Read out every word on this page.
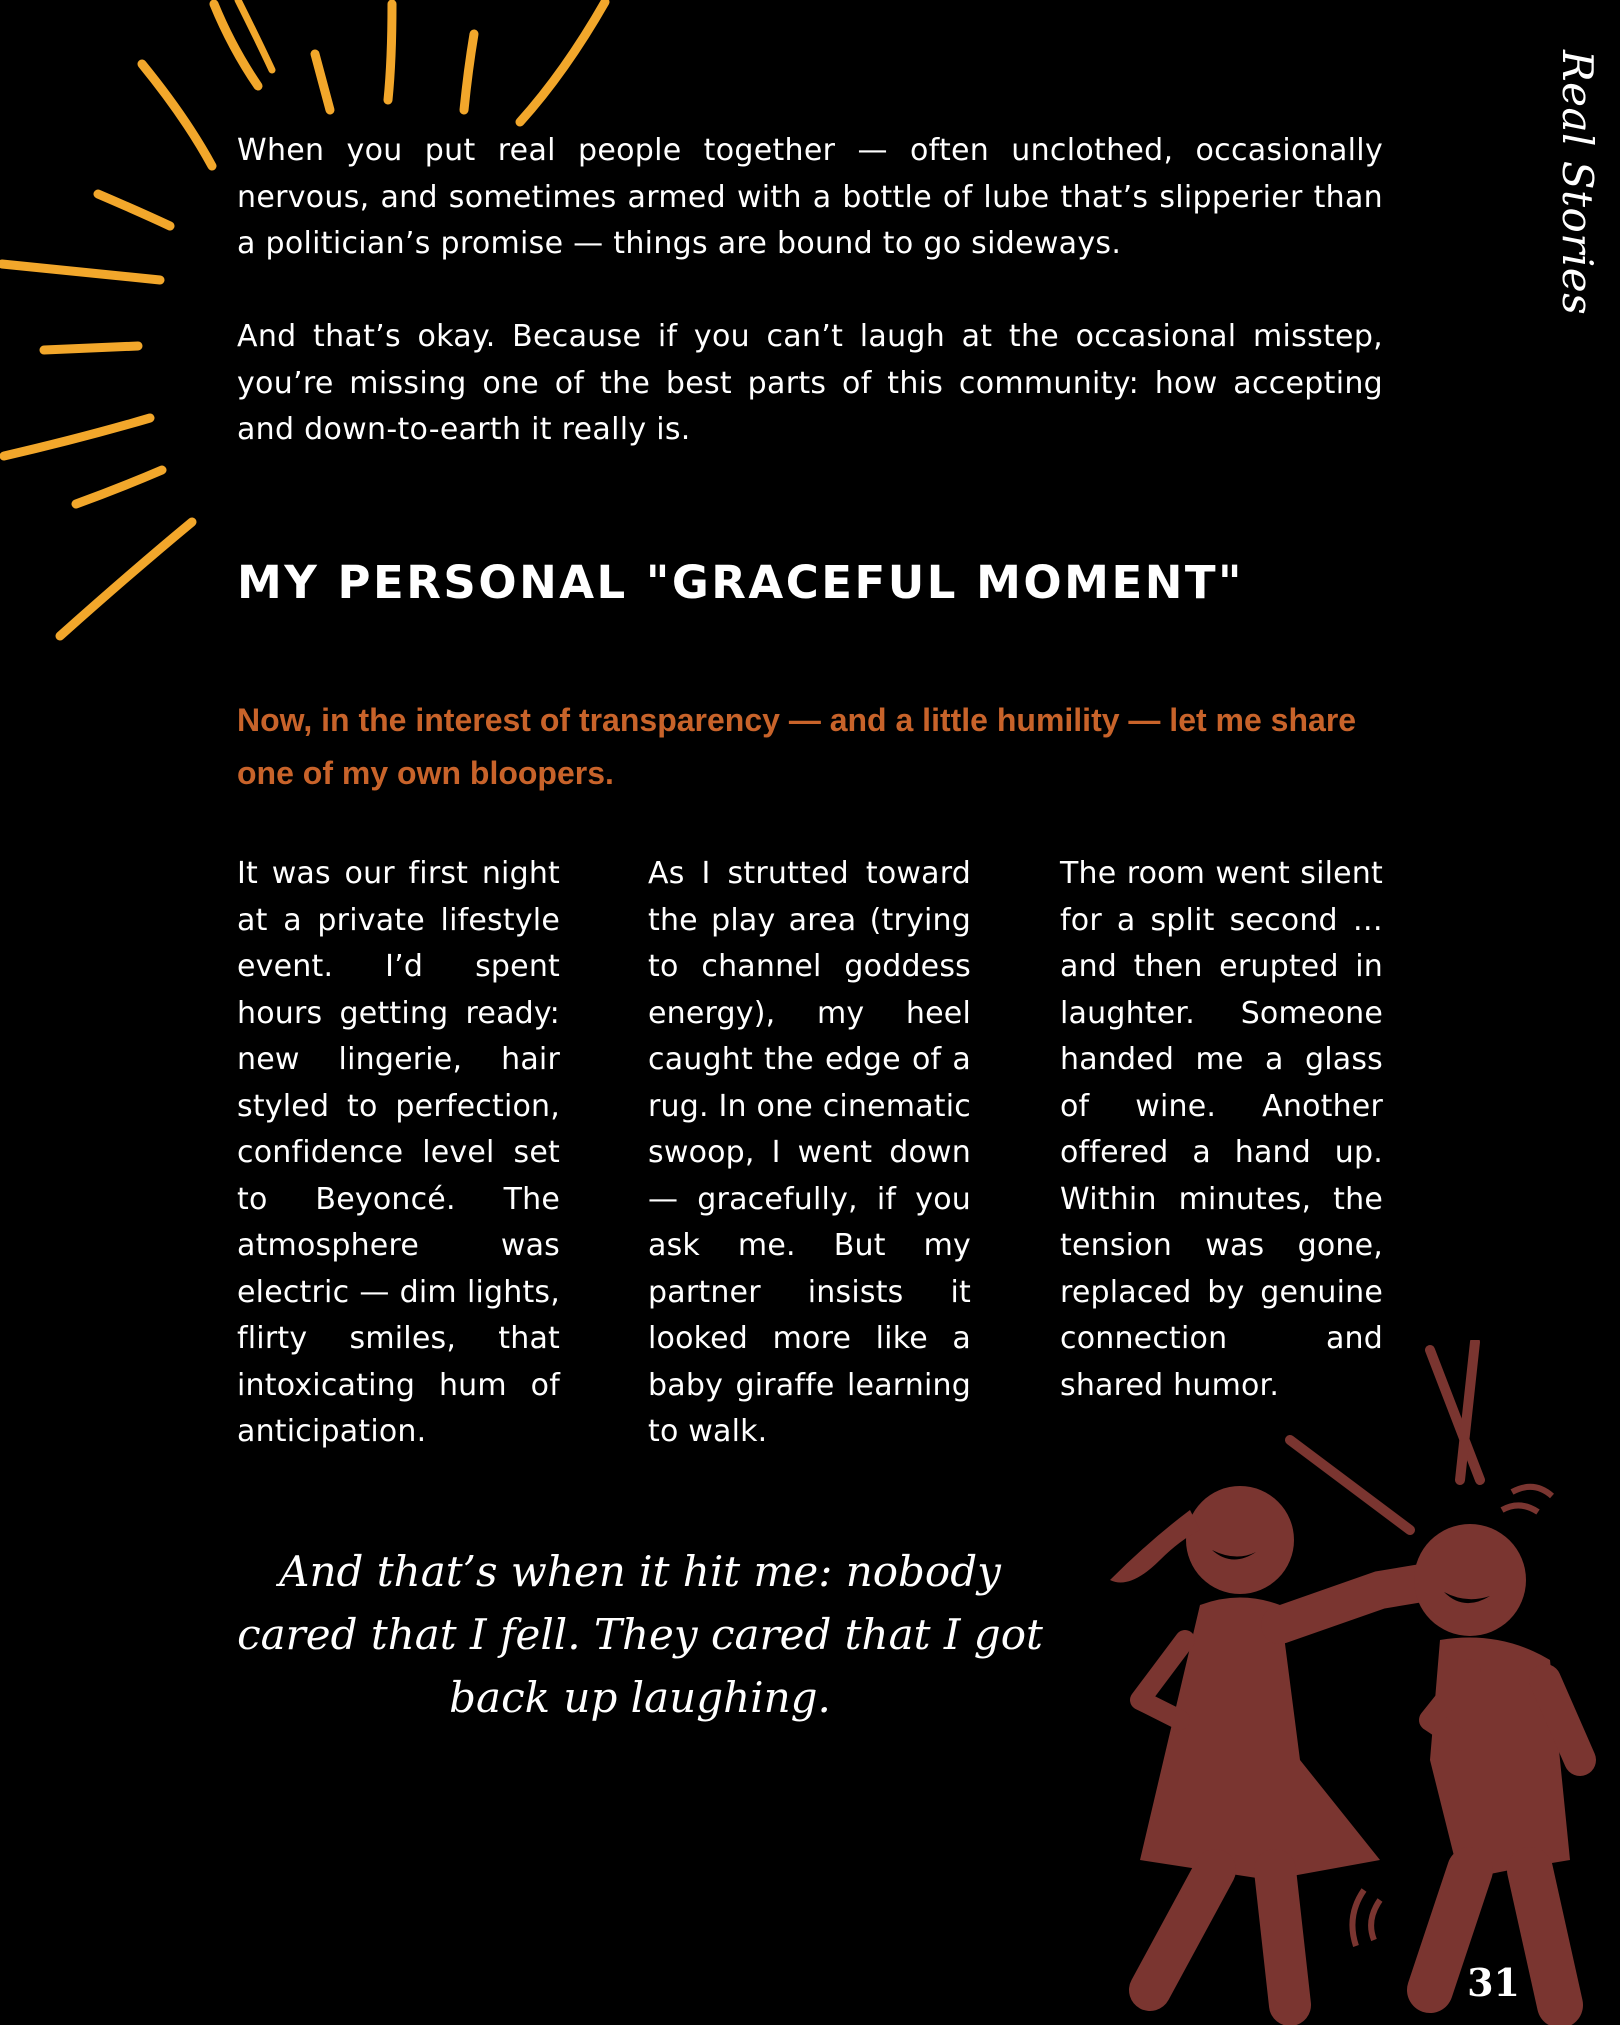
Real Stories

When you put real people together — often unclothed, occasionally nervous, and sometimes armed with a bottle of lube that’s slipperier than a politician’s promise — things are bound to go sideways.

And that’s okay. Because if you can’t laugh at the occasional misstep, you’re missing one of the best parts of this community: how accepting and down-to-earth it really is.

MY PERSONAL "GRACEFUL MOMENT"

Now, in the interest of transparency — and a little humility — let me share one of my own bloopers.

It was our first night at a private lifestyle event. I’d spent hours getting ready: new lingerie, hair styled to perfection, confidence level set to Beyoncé. The atmosphere was electric — dim lights, flirty smiles, that intoxicating hum of anticipation.

As I strutted toward the play area (trying to channel goddess energy), my heel caught the edge of a rug. In one cinematic swoop, I went down — gracefully, if you ask me. But my partner insists it looked more like a baby giraffe learning to walk.

The room went silent for a split second … and then erupted in laughter. Someone handed me a glass of wine. Another offered a hand up. Within minutes, the tension was gone, replaced by genuine connection and shared humor.

And that’s when it hit me: nobody cared that I fell. They cared that I got back up laughing.
31
